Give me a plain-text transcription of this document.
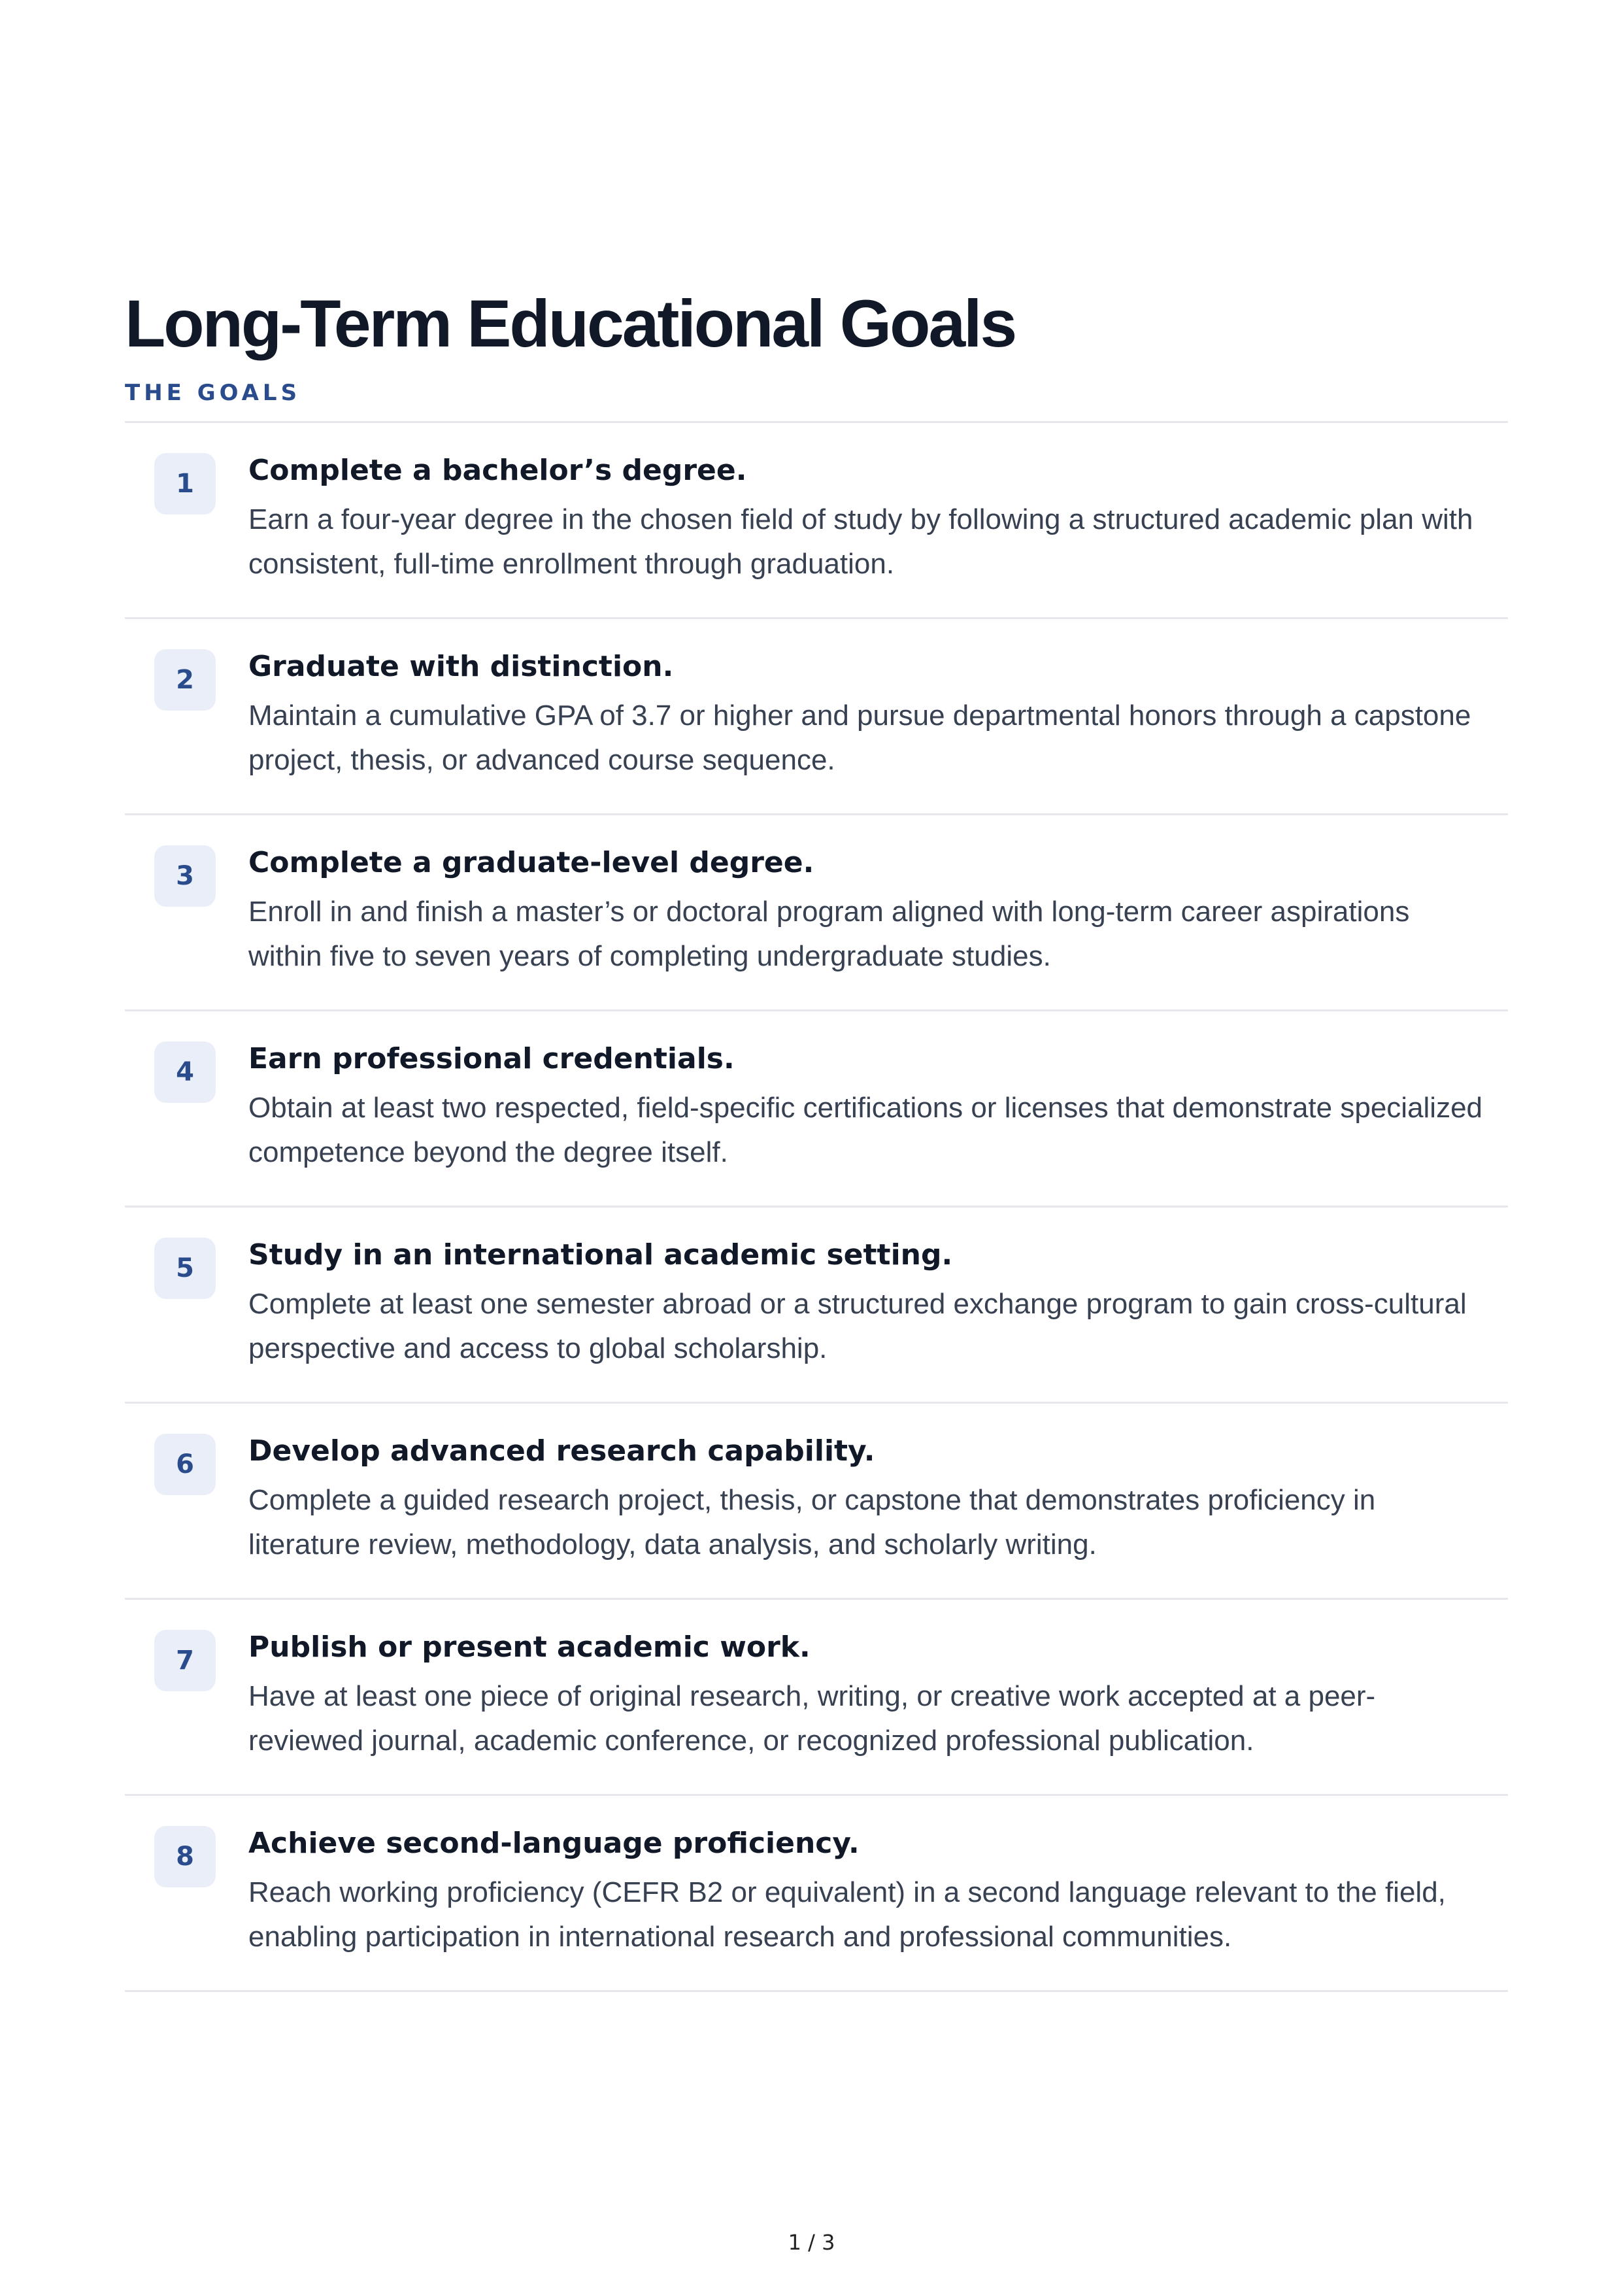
Long-Term Educational Goals
THE GOALS
1	Complete a bachelor’s degree.
Earn a four-year degree in the chosen field of study by following a structured academic plan with consistent, full-time enrollment through graduation.
2	Graduate with distinction.
Maintain a cumulative GPA of 3.7 or higher and pursue departmental honors through a capstone project, thesis, or advanced course sequence.
3	Complete a graduate-level degree.
Enroll in and finish a master’s or doctoral program aligned with long-term career aspirations within five to seven years of completing undergraduate studies.
4	Earn professional credentials.
Obtain at least two respected, field-specific certifications or licenses that demonstrate specialized competence beyond the degree itself.
5	Study in an international academic setting.
Complete at least one semester abroad or a structured exchange program to gain cross-cultural perspective and access to global scholarship.
6	Develop advanced research capability.
Complete a guided research project, thesis, or capstone that demonstrates proficiency in literature review, methodology, data analysis, and scholarly writing.
7	Publish or present academic work.
Have at least one piece of original research, writing, or creative work accepted at a peer-reviewed journal, academic conference, or recognized professional publication.
8	Achieve second-language proficiency.
Reach working proficiency (CEFR B2 or equivalent) in a second language relevant to the field, enabling participation in international research and professional communities.
1 / 3
